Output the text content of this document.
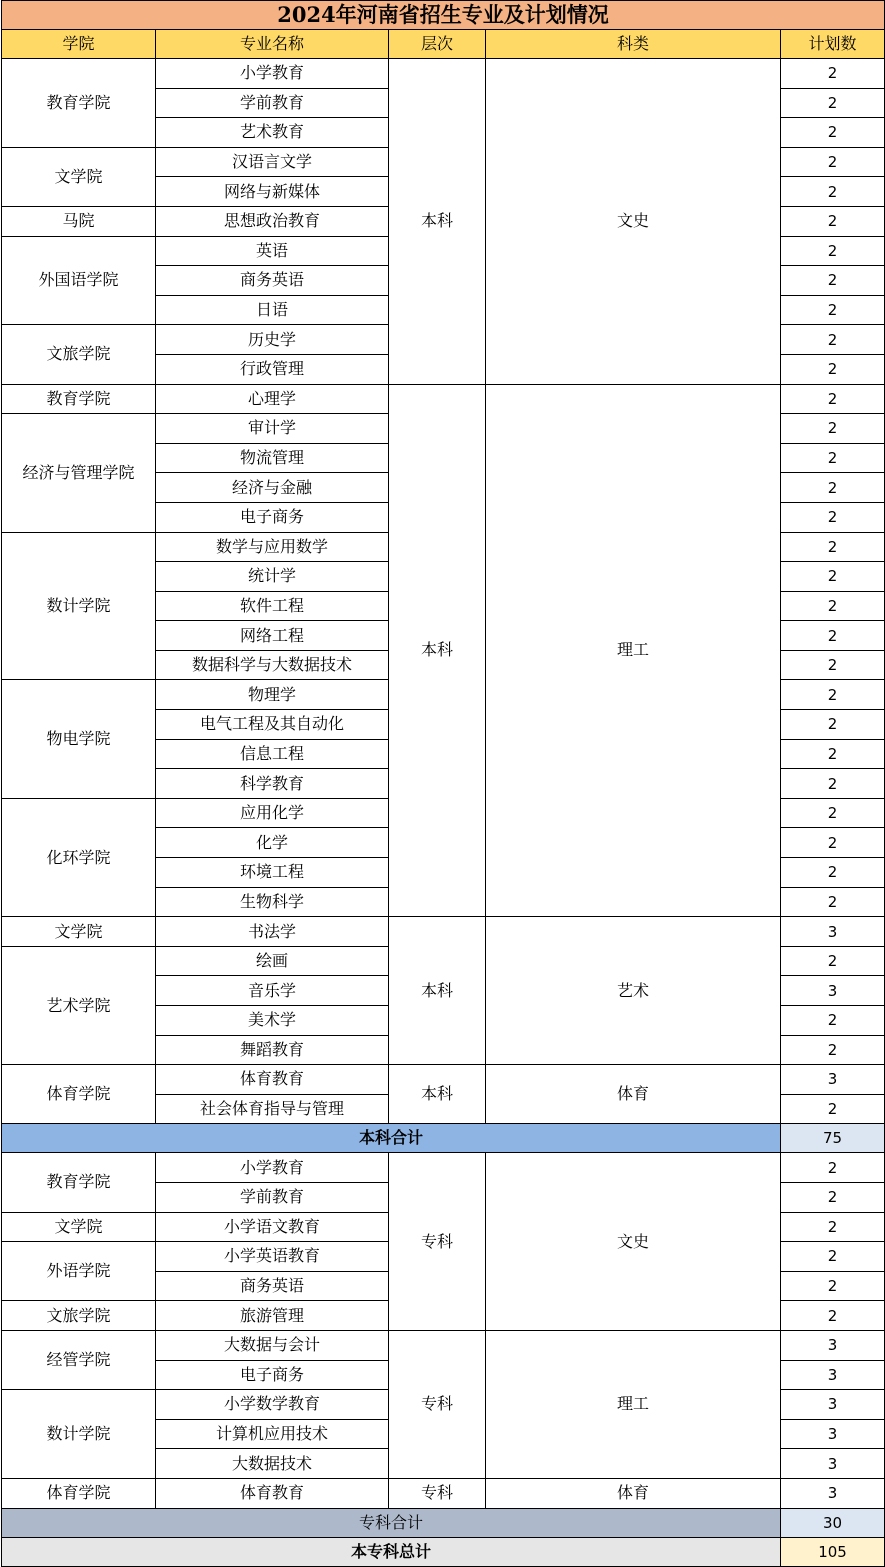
2024年河南省招生专业及计划情况				
学院	专业名称	层次	科类	计划数
教育学院	小学教育	本科	文史	2
	学前教育			2
	艺术教育			2
文学院	汉语言文学			2
	网络与新媒体			2
马院	思想政治教育			2
外国语学院	英语			2
	商务英语			2
	日语			2
文旅学院	历史学			2
	行政管理			2
教育学院	心理学	本科	理工	2
经济与管理学院	审计学			2
	物流管理			2
	经济与金融			2
	电子商务			2
数计学院	数学与应用数学			2
	统计学			2
	软件工程			2
	网络工程			2
	数据科学与大数据技术			2
物电学院	物理学			2
	电气工程及其自动化			2
	信息工程			2
	科学教育			2
化环学院	应用化学			2
	化学			2
	环境工程			2
	生物科学			2
文学院	书法学	本科	艺术	3
艺术学院	绘画			2
	音乐学			3
	美术学			2
	舞蹈教育			2
体育学院	体育教育	本科	体育	3
	社会体育指导与管理			2
本科合计				75
教育学院	小学教育	专科	文史	2
	学前教育			2
文学院	小学语文教育			2
外语学院	小学英语教育			2
	商务英语			2
文旅学院	旅游管理			2
经管学院	大数据与会计	专科	理工	3
	电子商务			3
数计学院	小学数学教育			3
	计算机应用技术			3
	大数据技术			3
体育学院	体育教育	专科	体育	3
专科合计				30
本专科总计				105
